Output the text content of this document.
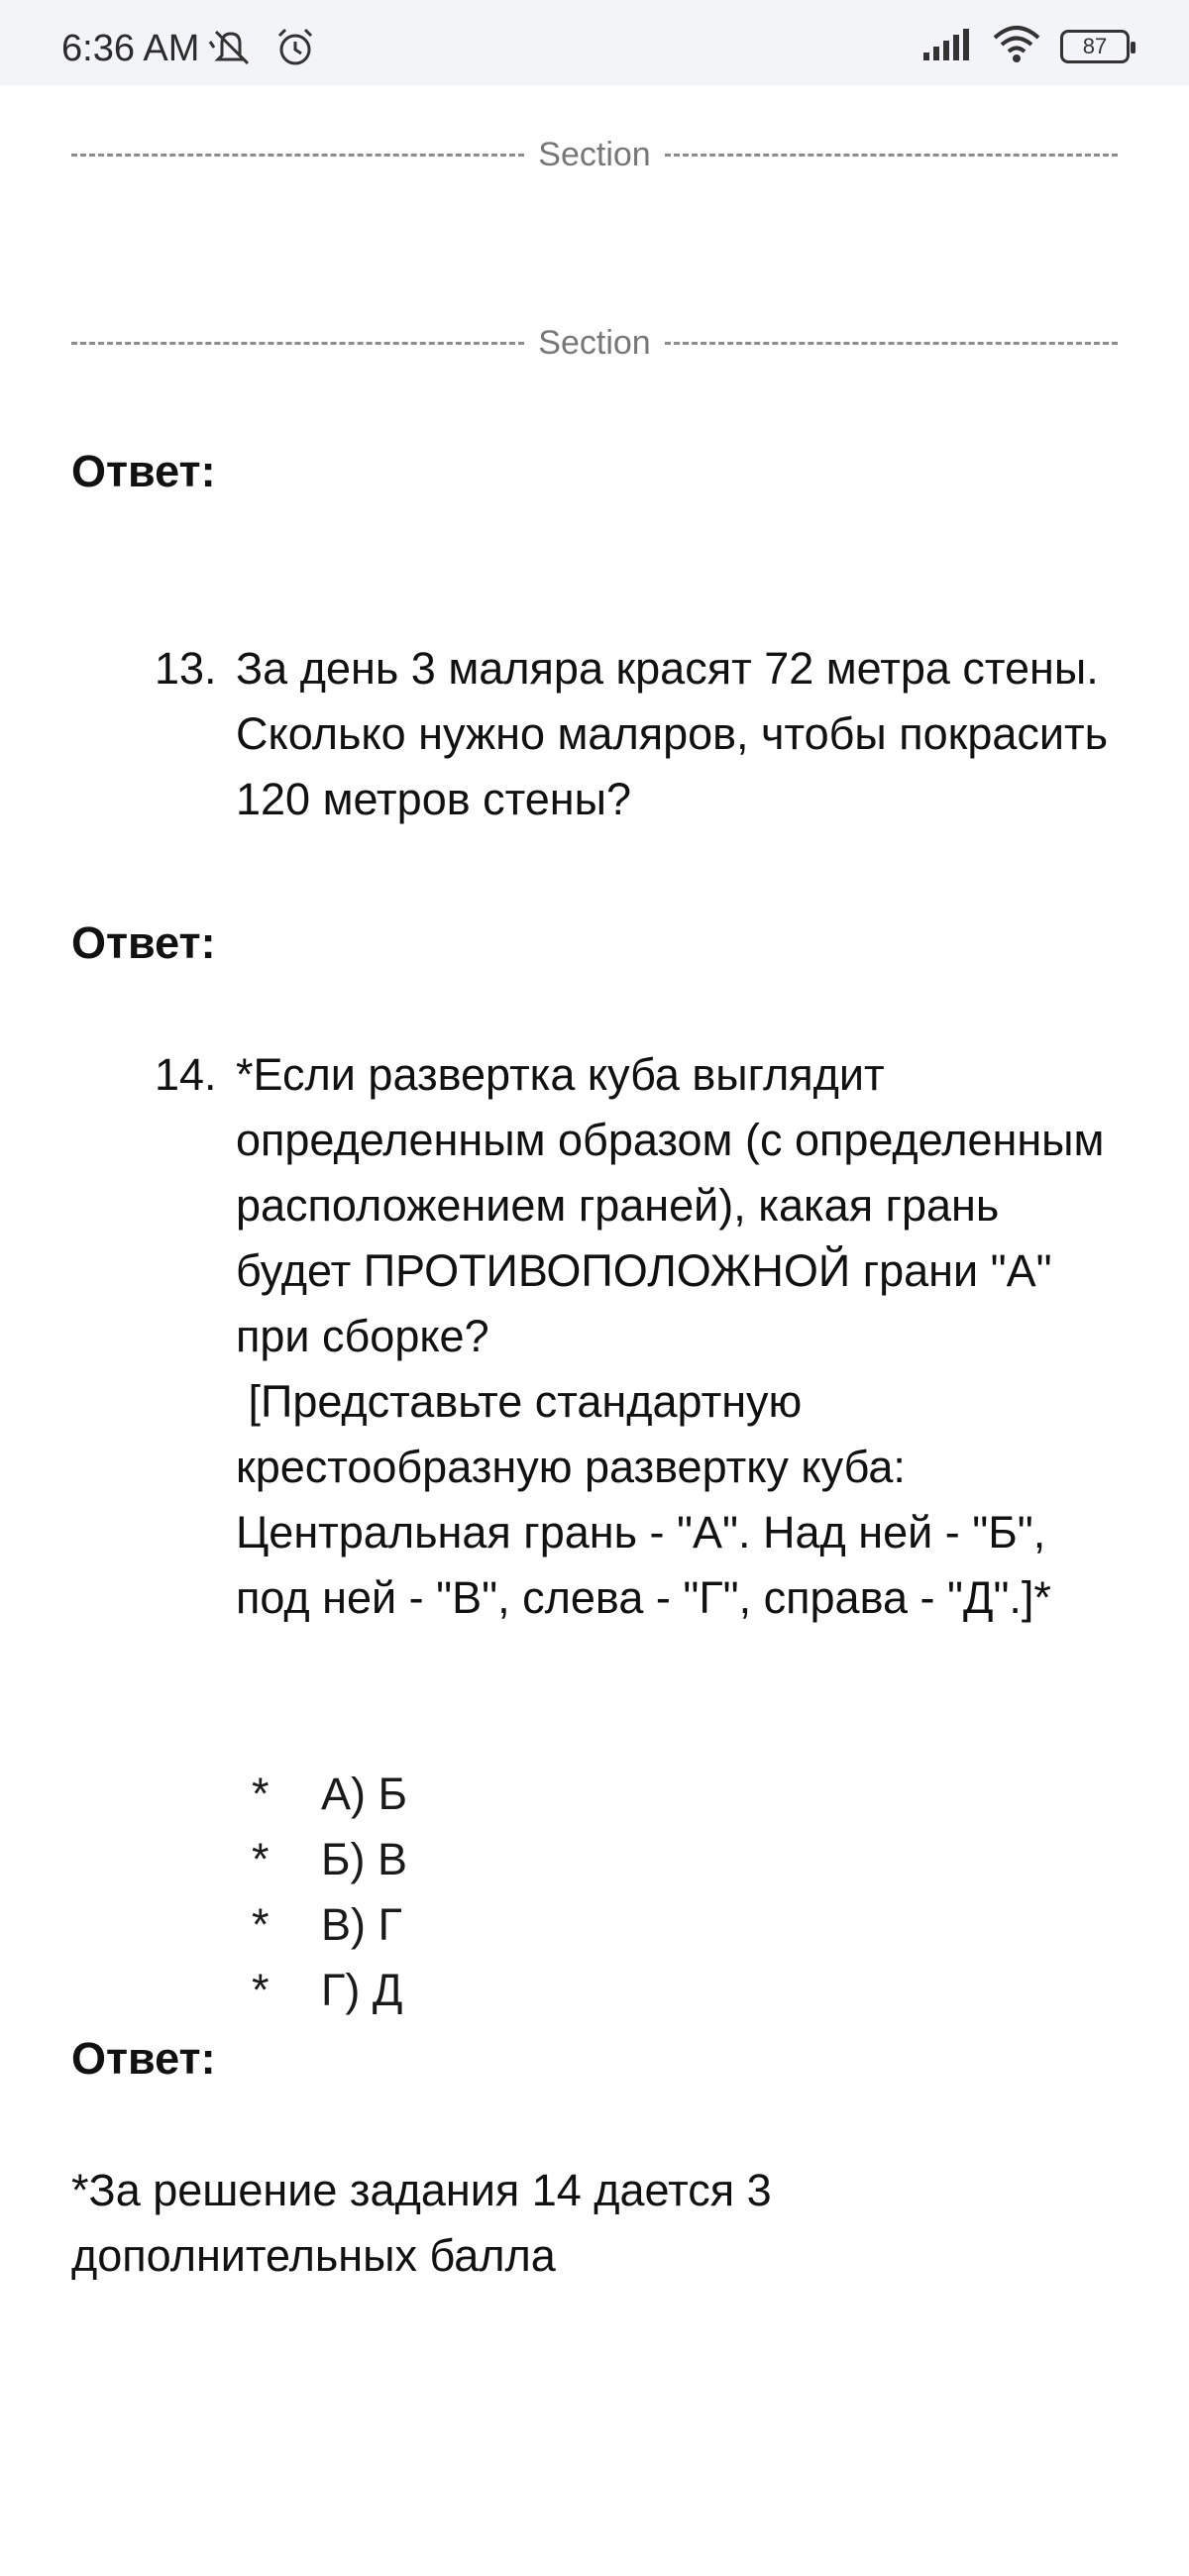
6:36 AM	87
Section
Section
Ответ:
13. За день 3 маляра красят 72 метра стены. Сколько нужно маляров, чтобы покрасить 120 метров стены?
Ответ:
14. *Если развертка куба выглядит определенным образом (с определенным расположением граней), какая грань будет ПРОТИВОПОЛОЖНОЙ грани "А" при сборке?
[Представьте стандартную крестообразную развертку куба: Центральная грань - "А". Над ней - "Б", под ней - "В", слева - "Г", справа - "Д".]*
*	А) Б
*	Б) В
*	В) Г
*	Г) Д
Ответ:
*За решение задания 14 дается 3 дополнительных балла
